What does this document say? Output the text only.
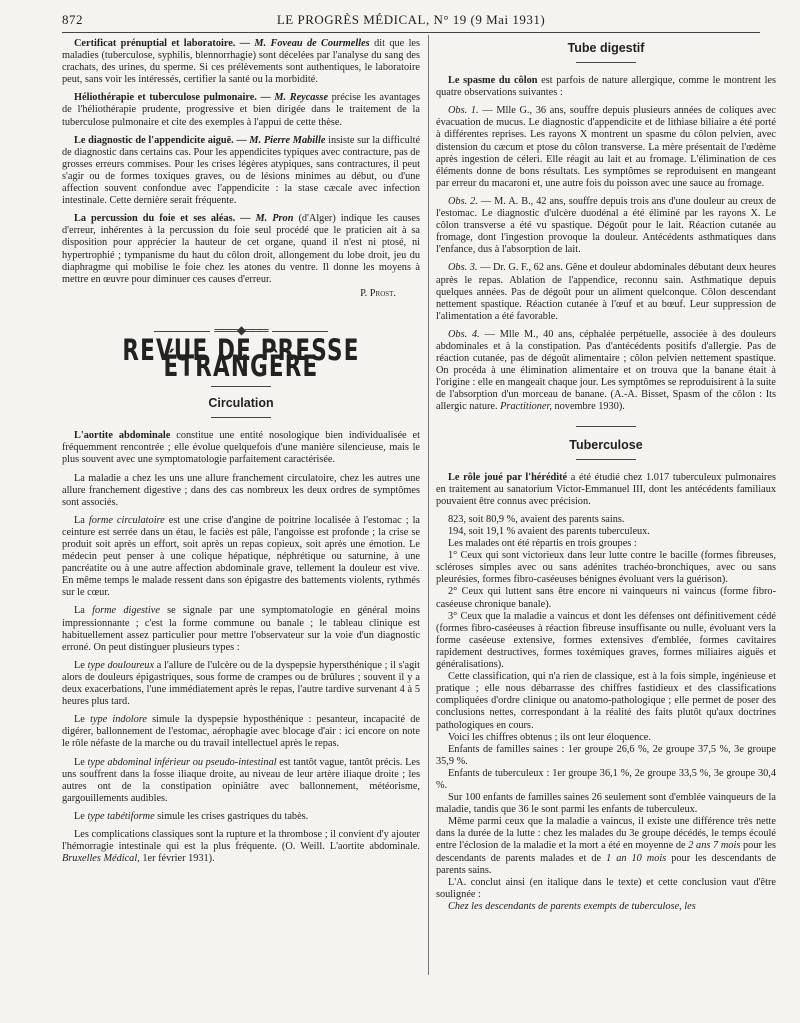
872	LE PROGRÈS MÉDICAL, N° 19 (9 Mai 1931)

Certificat prénuptial et laboratoire. — M. Foveau de Courmelles dit que les maladies (tuberculose, syphilis, blennorrhagie) sont décelées par l'analyse du sang des crachats, des urines, du sperme. Si ces prélèvements sont authentiques, le laboratoire peut, sans voir les intéressés, certifier la santé ou la morbidité.

Héliothérapie et tuberculose pulmonaire. — M. Reycasse précise les avantages de l'héliothérapie prudente, progressive et bien dirigée dans le traitement de la tuberculose pulmonaire et cite des exemples à l'appui de cette thèse.

Le diagnostic de l'appendicite aiguë. — M. Pierre Mabille insiste sur la difficulté de diagnostic dans certains cas. Pour les appendicites typiques avec contracture, pas de grosses erreurs commises. Pour les crises légères atypiques, sans contractures, il peut s'agir ou de formes toxiques graves, ou de lésions minimes au début, ou d'une affection souvent confondue avec l'appendicite : la stase cæcale avec infection intestinale. Cette dernière serait fréquente.

La percussion du foie et ses aléas. — M. Pron (d'Alger) indique les causes d'erreur, inhérentes à la percussion du foie seul procédé que le praticien ait à sa disposition pour apprécier la hauteur de cet organe, quand il n'est ni ptosé, ni hypertrophié ; tympanisme du haut du côlon droit, allongement du lobe droit, jeu du diaphragme qui mobilise le foie chez les atones du ventre. Il donne les moyens à mettre en œuvre pour diminuer ces causes d'erreur.

P. Prost.
═══◆═══
REVUE DE PRESSE ÉTRANGÈRE
Circulation

L'aortite abdominale constitue une entité nosologique bien individualisée et fréquemment rencontrée ; elle évolue quelquefois d'une manière silencieuse, mais le plus souvent avec une symptomatologie parfaitement caractérisée.

La maladie a chez les uns une allure franchement circulatoire, chez les autres une allure franchement digestive ; dans des cas nombreux les deux ordres de symptômes sont associés.

La forme circulatoire est une crise d'angine de poitrine localisée à l'estomac ; la ceinture est serrée dans un étau, le faciès est pâle, l'angoisse est profonde ; la crise se produit soit après un effort, soit après un repas copieux, soit après une émotion. Le médecin peut penser à une colique hépatique, néphrétique ou saturnine, à une pancréatite ou à une autre affection abdominale grave, tellement la douleur est vive. En même temps le malade ressent dans son épigastre des battements violents, rythmés sur le cœur.

La forme digestive se signale par une symptomatologie en général moins impressionnante ; c'est la forme commune ou banale ; le tableau clinique est habituellement assez particulier pour mettre l'observateur sur la voie d'un diagnostic erroné. On peut distinguer plusieurs types :

Le type douloureux a l'allure de l'ulcère ou de la dyspepsie hypersthénique ; il s'agit alors de douleurs épigastriques, sous forme de crampes ou de brûlures ; souvent il y a deux exacerbations, l'une immédiatement après le repas, l'autre tardive survenant 4 à 5 heures plus tard.

Le type indolore simule la dyspepsie hyposthénique : pesanteur, incapacité de digérer, ballonnement de l'estomac, aérophagie avec blocage d'air : ici encore on note le rôle néfaste de la marche ou du travail intellectuel après le repas.

Le type abdominal inférieur ou pseudo-intestinal est tantôt vague, tantôt précis. Les uns souffrent dans la fosse iliaque droite, au niveau de leur artère iliaque droite ; les autres ont de la constipation opiniâtre avec ballonnement, météorisme, gargouillements audibles.

Le type tabétiforme simule les crises gastriques du tabès.

Les complications classiques sont la rupture et la thrombose ; il convient d'y ajouter l'hémorragie intestinale qui est la plus fréquente. (O. Weill. L'aortite abdominale. Bruxelles Médical, 1er février 1931).

Tube digestif

Le spasme du côlon est parfois de nature allergique, comme le montrent les quatre observations suivantes :

Obs. 1. — Mlle G., 36 ans, souffre depuis plusieurs années de coliques avec évacuation de mucus. Le diagnostic d'appendicite et de lithiase biliaire a été porté à différentes reprises. Les rayons X montrent un spasme du côlon pelvien, avec distension du cæcum et ptose du côlon transverse. La mère présentait de l'œdème après ingestion de céleri. Elle réagit au lait et au fromage. L'élimination de ces éléments donne de bons résultats. Les symptômes se reproduisent en mangeant par erreur du macaroni et, une autre fois du poisson avec une sauce au fromage.

Obs. 2. — M. A. B., 42 ans, souffre depuis trois ans d'une douleur au creux de l'estomac. Le diagnostic d'ulcère duodénal a été éliminé par les rayons X. Le côlon transverse a été vu spastique. Dégoût pour le lait. Réaction cutanée au fromage, dont l'ingestion provoque la douleur. Antécédents asthmatiques dans l'enfance, dus à l'absorption de lait.

Obs. 3. — Dr. G. F., 62 ans. Gêne et douleur abdominales débutant deux heures après le repas. Ablation de l'appendice, reconnu sain. Asthmatique depuis quelques années. Pas de dégoût pour un aliment quelconque. Côlon descendant nettement spastique. Réaction cutanée à l'œuf et au bœuf. Leur suppression de l'alimentation a été favorable.

Obs. 4. — Mlle M., 40 ans, céphalée perpétuelle, associée à des douleurs abdominales et à la constipation. Pas d'antécédents positifs d'allergie. Pas de réaction cutanée, pas de dégoût alimentaire ; côlon pelvien nettement spastique. On procéda à une élimination alimentaire et on trouva que la banane était à l'origine : elle en mangeait chaque jour. Les symptômes se reproduisirent à la suite de l'absorption d'un morceau de banane. (A.-A. Bisset, Spasm of the côlon : Its allergic nature. Practitioner, novembre 1930).

Tuberculose

Le rôle joué par l'hérédité a été étudié chez 1.017 tuberculeux pulmonaires en traitement au sanatorium Victor-Emmanuel III, dont les antécédents familiaux pouvaient être connus avec précision.

823, soit 80,9 %, avaient des parents sains.

194, soit 19,1 % avaient des parents tuberculeux.

Les malades ont été répartis en trois groupes :

1° Ceux qui sont victorieux dans leur lutte contre le bacille (formes fibreuses, scléroses simples avec ou sans adénites trachéo-bronchiques, avec ou sans pleurésies, formes fibro-caséeuses bénignes évoluant vers la guérison).

2° Ceux qui luttent sans être encore ni vainqueurs ni vaincus (forme fibro-caséeuse chronique banale).

3° Ceux que la maladie a vaincus et dont les défenses ont définitivement cédé (formes fibro-caséeuses à réaction fibreuse insuffisante ou nulle, évoluant vers la forme caséeuse extensive, formes extensives d'emblée, formes cavitaires rapidement destructives, formes toxémiques graves, formes miliaires aiguës et généralisations).

Cette classification, qui n'a rien de classique, est à la fois simple, ingénieuse et pratique ; elle nous débarrasse des chiffres fastidieux et des classifications compliquées d'ordre clinique ou anatomo-pathologique ; elle permet de poser des conclusions nettes, correspondant à la réalité des faits plutôt qu'aux doctrines pathologiques en cours.

Voici les chiffres obtenus ; ils ont leur éloquence.

Enfants de familles saines : 1er groupe 26,6 %, 2e groupe 37,5 %, 3e groupe 35,9 %.

Enfants de tuberculeux : 1er groupe 36,1 %, 2e groupe 33,5 %, 3e groupe 30,4 %.

Sur 100 enfants de familles saines 26 seulement sont d'emblée vainqueurs de la maladie, tandis que 36 le sont parmi les enfants de tuberculeux.

Même parmi ceux que la maladie a vaincus, il existe une différence très nette dans la durée de la lutte : chez les malades du 3e groupe décédés, le temps écoulé entre l'éclosion de la maladie et la mort a été en moyenne de 2 ans 7 mois pour les descendants de parents malades et de 1 an 10 mois pour les descendants de parents sains.

L'A. conclut ainsi (en italique dans le texte) et cette conclusion vaut d'être soulignée :

Chez les descendants de parents exempts de tuberculose, les
